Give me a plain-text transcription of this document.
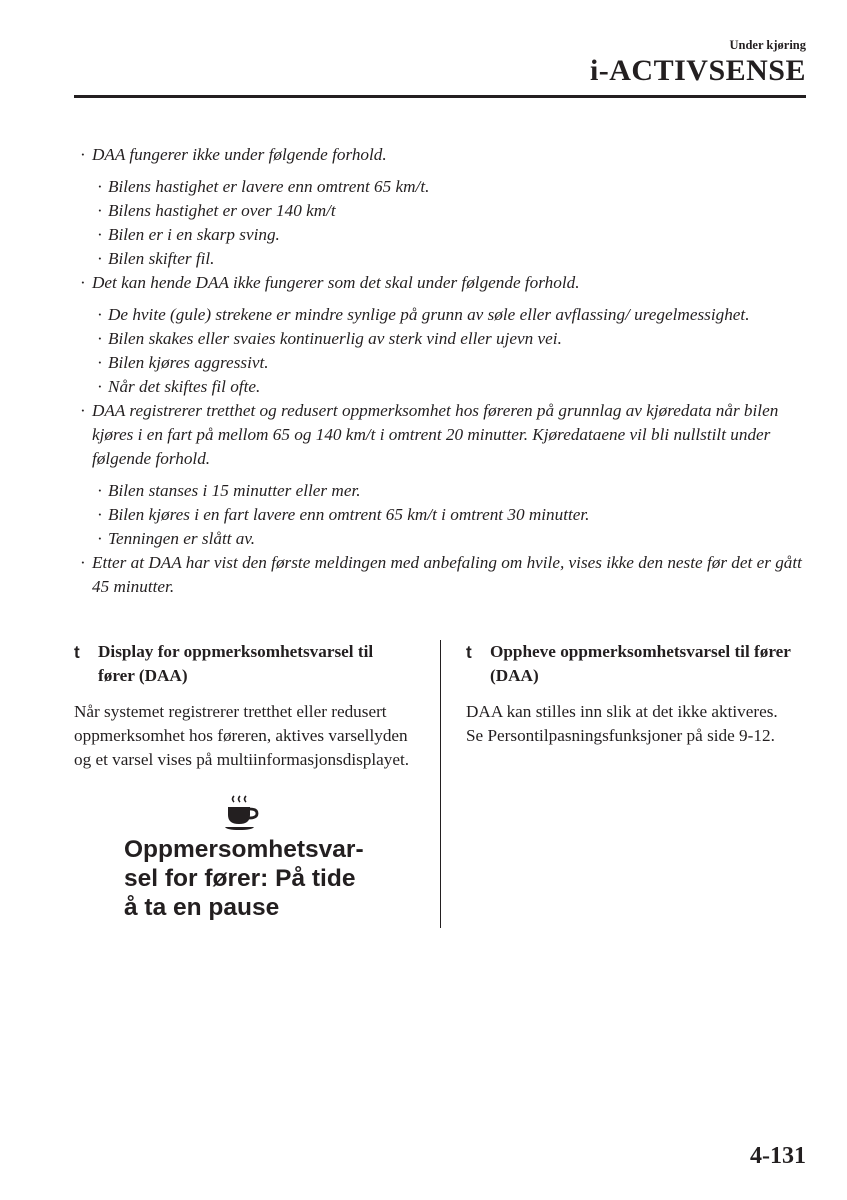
Under kjøring
i-ACTIVSENSE
· DAA fungerer ikke under følgende forhold.
· Bilens hastighet er lavere enn omtrent 65 km/t.
· Bilens hastighet er over 140 km/t
· Bilen er i en skarp sving.
· Bilen skifter fil.
· Det kan hende DAA ikke fungerer som det skal under følgende forhold.
· De hvite (gule) strekene er mindre synlige på grunn av søle eller avflassing/ uregelmessighet.
· Bilen skakes eller svaies kontinuerlig av sterk vind eller ujevn vei.
· Bilen kjøres aggressivt.
· Når det skiftes fil ofte.
· DAA registrerer tretthet og redusert oppmerksomhet hos føreren på grunnlag av kjøredata når bilen kjøres i en fart på mellom 65 og 140 km/t i omtrent 20 minutter. Kjøredataene vil bli nullstilt under følgende forhold.
· Bilen stanses i 15 minutter eller mer.
· Bilen kjøres i en fart lavere enn omtrent 65 km/t i omtrent 30 minutter.
· Tenningen er slått av.
· Etter at DAA har vist den første meldingen med anbefaling om hvile, vises ikke den neste før det er gått 45 minutter.
t Display for oppmerksomhetsvarsel til fører (DAA)
Når systemet registrerer tretthet eller redusert oppmerksomhet hos føreren, aktives varsellyden og et varsel vises på multiinformasjonsdisplayet.
Oppmersomhetsvar-
sel for fører: På tide
å ta en pause
t Oppheve oppmerksomhetsvarsel til fører (DAA)
DAA kan stilles inn slik at det ikke aktiveres.
Se Persontilpasningsfunksjoner på side 9-12.
4-131
